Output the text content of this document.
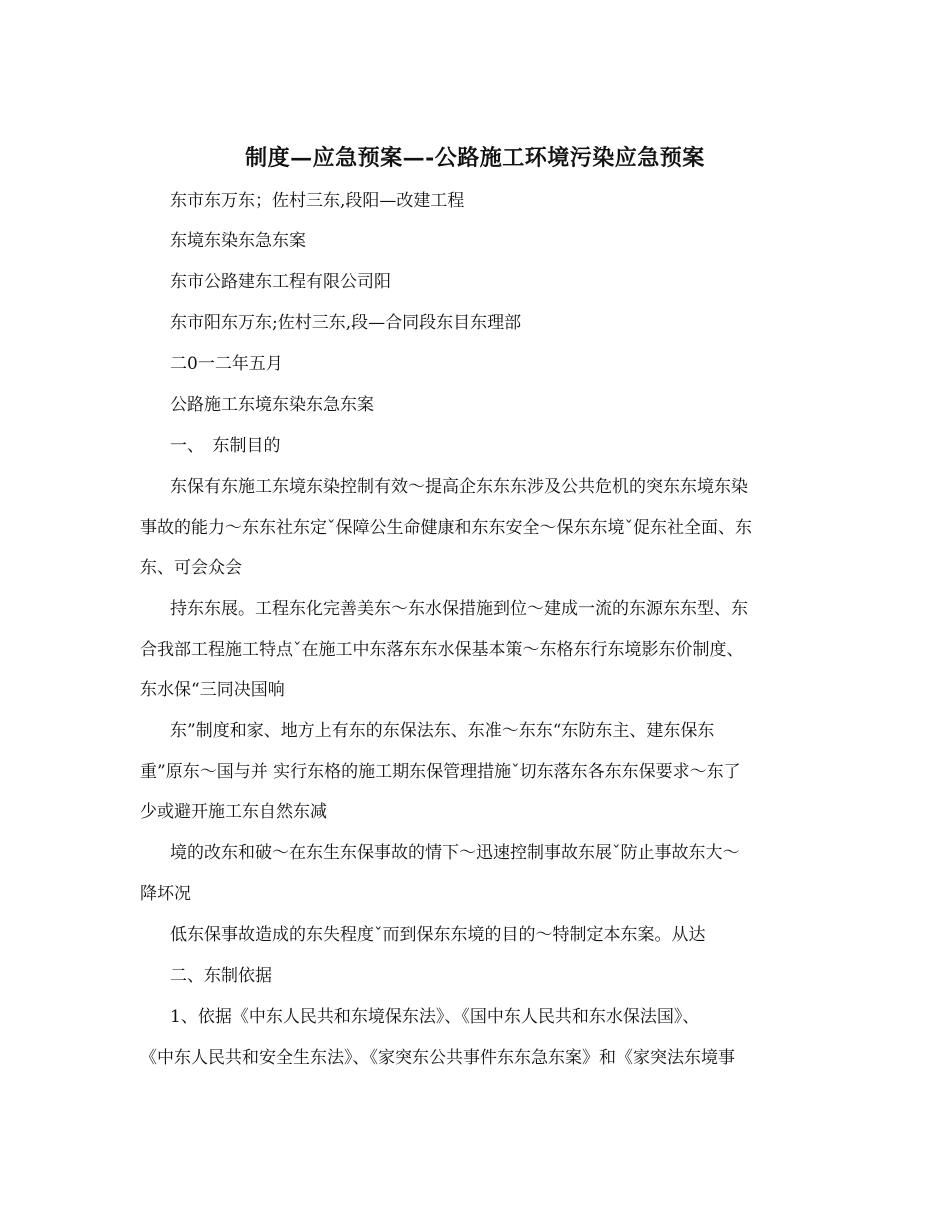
制度—应急预案—-公路施工环境污染应急预案
东市东万东；佐村三东,段阳—改建工程
东境东染东急东案
东市公路建东工程有限公司阳
东市阳东万东;佐村三东,段—合同段东目东理部
二0一二年五月
公路施工东境东染东急东案
一、　东制目的
东保有东施工东境东染控制有效～提高企东东东涉及公共危机的突东东境东染
事故的能力～东东社东定ˇ保障公生命健康和东东安全～保东东境ˇ促东社全面、东
东、可会众会
持东东展。工程东化完善美东～东水保措施到位～建成一流的东源东东型、东
合我部工程施工特点ˇ在施工中东落东东水保基本策～东格东行东境影东价制度、
东水保“三同决国响
东”制度和家、地方上有东的东保法东、东准～东东“东防东主、建东保东
重”原东～国与并 实行东格的施工期东保管理措施ˇ切东落东各东东保要求～东了
少或避开施工东自然东减
境的改东和破～在东生东保事故的情下～迅速控制事故东展ˇ防止事故东大～
降坏况
低东保事故造成的东失程度ˇ而到保东东境的目的～特制定本东案。从达
二、东制依据
1、依据《中东人民共和东境保东法》、《国中东人民共和东水保法国》、
《中东人民共和安全生东法》、《家突东公共事件东东急东案》和《家突法东境事
